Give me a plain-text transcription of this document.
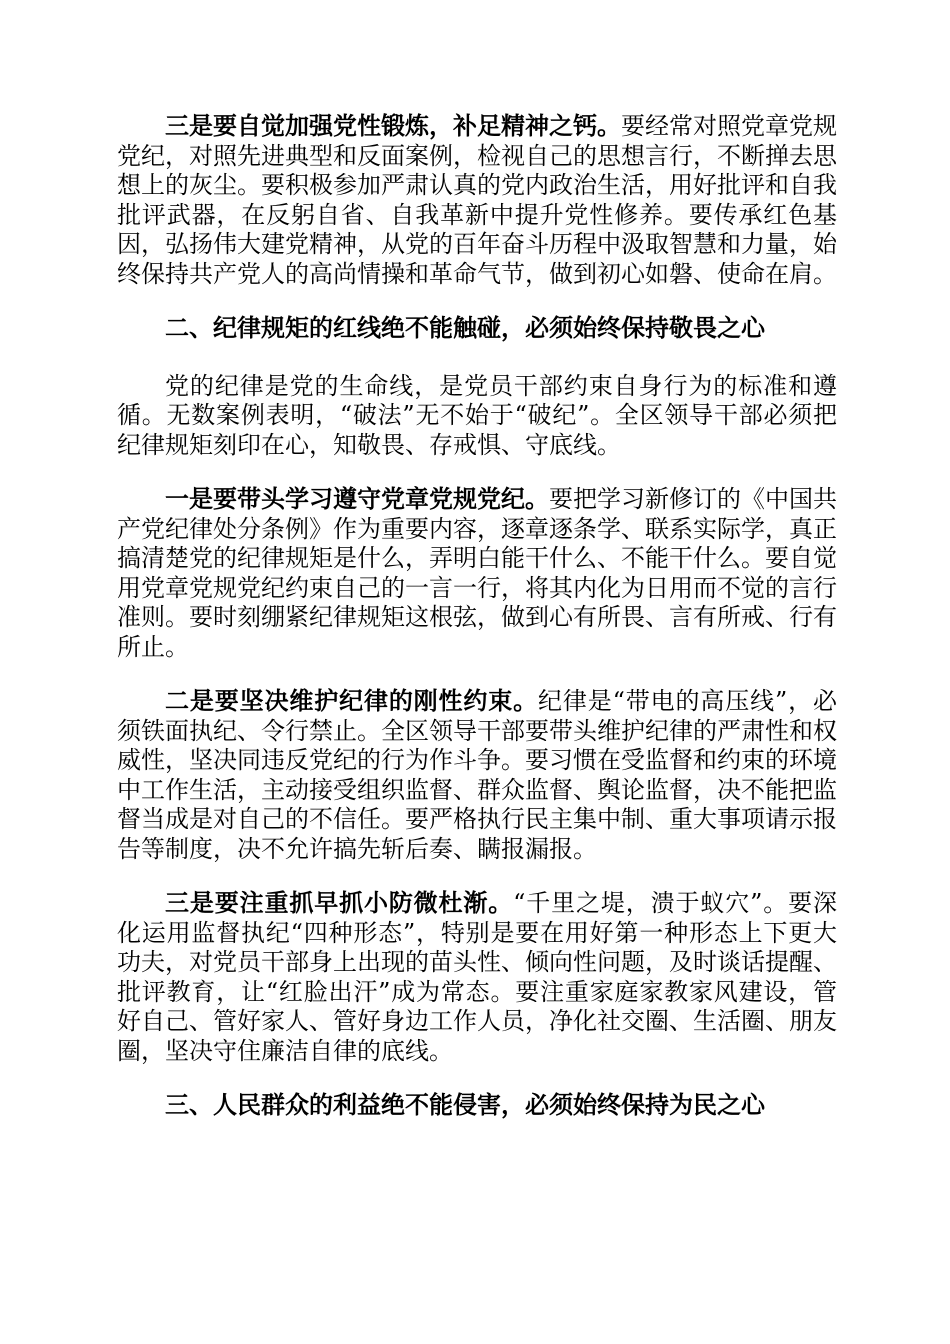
三是要自觉加强党性锻炼，补足精神之钙。要经常对照党章党规党纪，对照先进典型和反面案例，检视自己的思想言行，不断掸去思想上的灰尘。要积极参加严肃认真的党内政治生活，用好批评和自我批评武器，在反躬自省、自我革新中提升党性修养。要传承红色基因，弘扬伟大建党精神，从党的百年奋斗历程中汲取智慧和力量，始终保持共产党人的高尚情操和革命气节，做到初心如磐、使命在肩。

二、纪律规矩的红线绝不能触碰，必须始终保持敬畏之心

党的纪律是党的生命线，是党员干部约束自身行为的标准和遵循。无数案例表明，“破法”无不始于“破纪”。全区领导干部必须把纪律规矩刻印在心，知敬畏、存戒惧、守底线。

一是要带头学习遵守党章党规党纪。要把学习新修订的《中国共产党纪律处分条例》作为重要内容，逐章逐条学、联系实际学，真正搞清楚党的纪律规矩是什么，弄明白能干什么、不能干什么。要自觉用党章党规党纪约束自己的一言一行，将其内化为日用而不觉的言行准则。要时刻绷紧纪律规矩这根弦，做到心有所畏、言有所戒、行有所止。

二是要坚决维护纪律的刚性约束。纪律是“带电的高压线”，必须铁面执纪、令行禁止。全区领导干部要带头维护纪律的严肃性和权威性，坚决同违反党纪的行为作斗争。要习惯在受监督和约束的环境中工作生活，主动接受组织监督、群众监督、舆论监督，决不能把监督当成是对自己的不信任。要严格执行民主集中制、重大事项请示报告等制度，决不允许搞先斩后奏、瞒报漏报。

三是要注重抓早抓小防微杜渐。“千里之堤，溃于蚁穴”。要深化运用监督执纪“四种形态”，特别是要在用好第一种形态上下更大功夫，对党员干部身上出现的苗头性、倾向性问题，及时谈话提醒、批评教育，让“红脸出汗”成为常态。要注重家庭家教家风建设，管好自己、管好家人、管好身边工作人员，净化社交圈、生活圈、朋友圈，坚决守住廉洁自律的底线。

三、人民群众的利益绝不能侵害，必须始终保持为民之心
